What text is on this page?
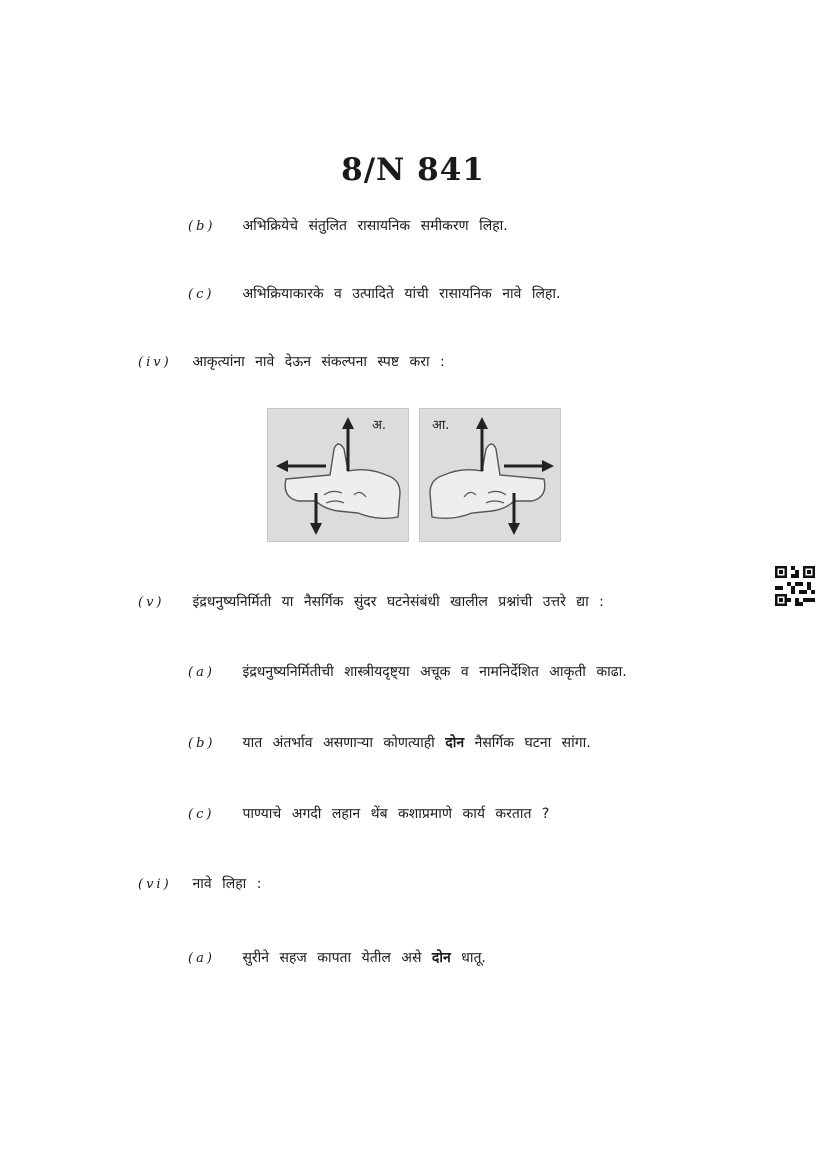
8/N 841
(b) अभिक्रियेचे संतुलित रासायनिक समीकरण लिहा.
(c) अभिक्रियाकारके व उत्पादिते यांची रासायनिक नावे लिहा.
(iv) आकृत्यांना नावे देऊन संकल्पना स्पष्ट करा :
अ.	आ.
(v) इंद्रधनुष्यनिर्मिती या नैसर्गिक सुंदर घटनेसंबंधी खालील प्रश्नांची उत्तरे द्या :
(a) इंद्रधनुष्यनिर्मितीची शास्त्रीयदृष्ट्या अचूक व नामनिर्देशित आकृती काढा.
(b) यात अंतर्भाव असणाऱ्या कोणत्याही दोन नैसर्गिक घटना सांगा.
(c) पाण्याचे अगदी लहान थेंब कशाप्रमाणे कार्य करतात ?
(vi) नावे लिहा :
(a) सुरीने सहज कापता येतील असे दोन धातू.
